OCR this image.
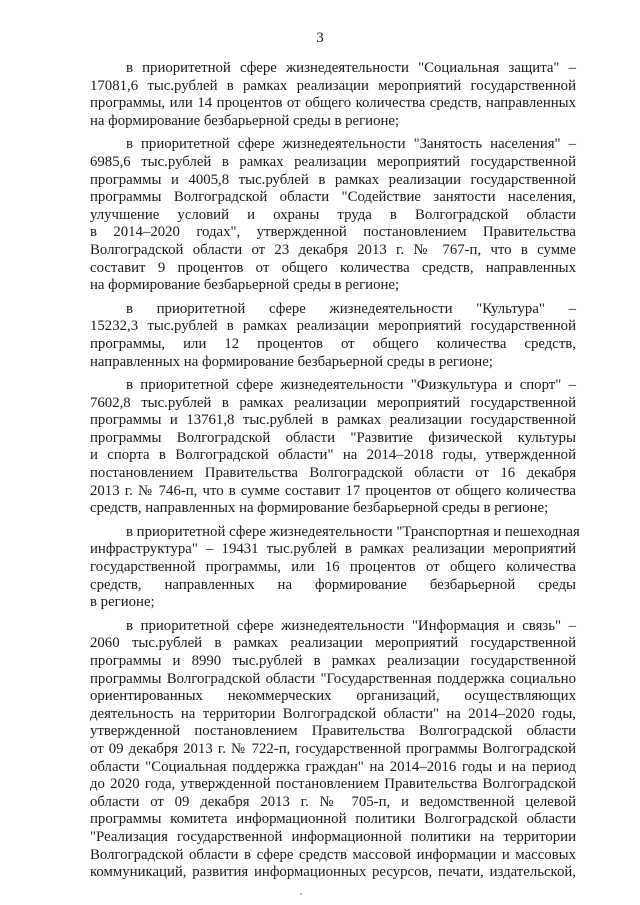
3

в приоритетной сфере жизнедеятельности "Социальная защита" –
17081,6 тыс.рублей в рамках реализации мероприятий государственной
программы, или 14 процентов от общего количества средств, направленных
на формирование безбарьерной среды в регионе;

в приоритетной сфере жизнедеятельности "Занятость населения" –
6985,6 тыс.рублей в рамках реализации мероприятий государственной
программы и 4005,8 тыс.рублей в рамках реализации государственной
программы Волгоградской области "Содействие занятости населения,
улучшение условий и охраны труда в Волгоградской области
в 2014–2020 годах", утвержденной постановлением Правительства
Волгоградской области от 23 декабря 2013 г. № 767-п, что в сумме
составит 9 процентов от общего количества средств, направленных
на формирование безбарьерной среды в регионе;

в приоритетной сфере жизнедеятельности "Культура" –
15232,3 тыс.рублей в рамках реализации мероприятий государственной
программы, или 12 процентов от общего количества средств,
направленных на формирование безбарьерной среды в регионе;

в приоритетной сфере жизнедеятельности "Физкультура и спорт" –
7602,8 тыс.рублей в рамках реализации мероприятий государственной
программы и 13761,8 тыс.рублей в рамках реализации государственной
программы Волгоградской области "Развитие физической культуры
и спорта в Волгоградской области" на 2014–2018 годы, утвержденной
постановлением Правительства Волгоградской области от 16 декабря
2013 г. № 746-п, что в сумме составит 17 процентов от общего количества
средств, направленных на формирование безбарьерной среды в регионе;

в приоритетной сфере жизнедеятельности "Транспортная и пешеходная
инфраструктура" – 19431 тыс.рублей в рамках реализации мероприятий
государственной программы, или 16 процентов от общего количества
средств, направленных на формирование безбарьерной среды
в регионе;

в приоритетной сфере жизнедеятельности "Информация и связь" –
2060 тыс.рублей в рамках реализации мероприятий государственной
программы и 8990 тыс.рублей в рамках реализации государственной
программы Волгоградской области "Государственная поддержка социально
ориентированных некоммерческих организаций, осуществляющих
деятельность на территории Волгоградской области" на 2014–2020 годы,
утвержденной постановлением Правительства Волгоградской области
от 09 декабря 2013 г. № 722-п, государственной программы Волгоградской
области "Социальная поддержка граждан" на 2014–2016 годы и на период
до 2020 года, утвержденной постановлением Правительства Волгоградской
области от 09 декабря 2013 г. № 705-п, и ведомственной целевой
программы комитета информационной политики Волгоградской области
"Реализация государственной информационной политики на территории
Волгоградской области в сфере средств массовой информации и массовых
коммуникаций, развития информационных ресурсов, печати, издательской,
